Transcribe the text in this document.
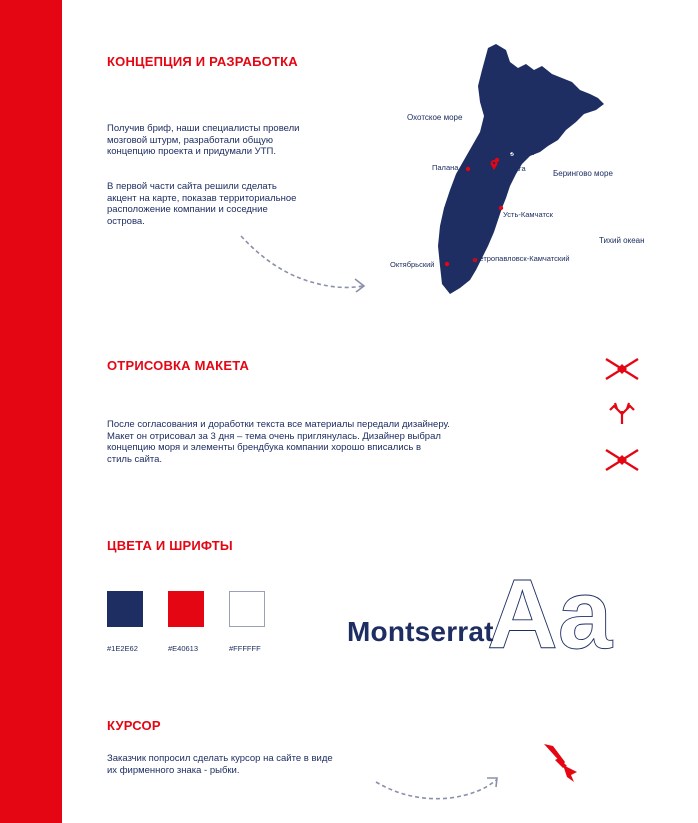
КОНЦЕПЦИЯ И РАЗРАБОТКА
Получив бриф, наши специалисты провели
мозговой штурм, разработали общую
концепцию проекта и придумали УТП.
В первой части сайта решили сделать
акцент на карте, показав территориальное
расположение компании и соседние
острова.
Охотское море
Берингово море
Тихий океан
Оссора
Палана	Карага
Усть-Камчатск
Октябрьский
Петропавловск-Камчатский
ОТРИСОВКА МАКЕТА
После согласования и доработки текста все материалы передали дизайнеру.
Макет он отрисовал за 3 дня – тема очень приглянулась. Дизайнер выбрал
концепцию моря и элементы брендбука компании хорошо вписались в
стиль сайта.
ЦВЕТА И ШРИФТЫ
#1E2E62	#E40613	#FFFFFF Aa
Montserrat
КУРСОР
Заказчик попросил сделать курсор на сайте в виде
их фирменного знака - рыбки.
